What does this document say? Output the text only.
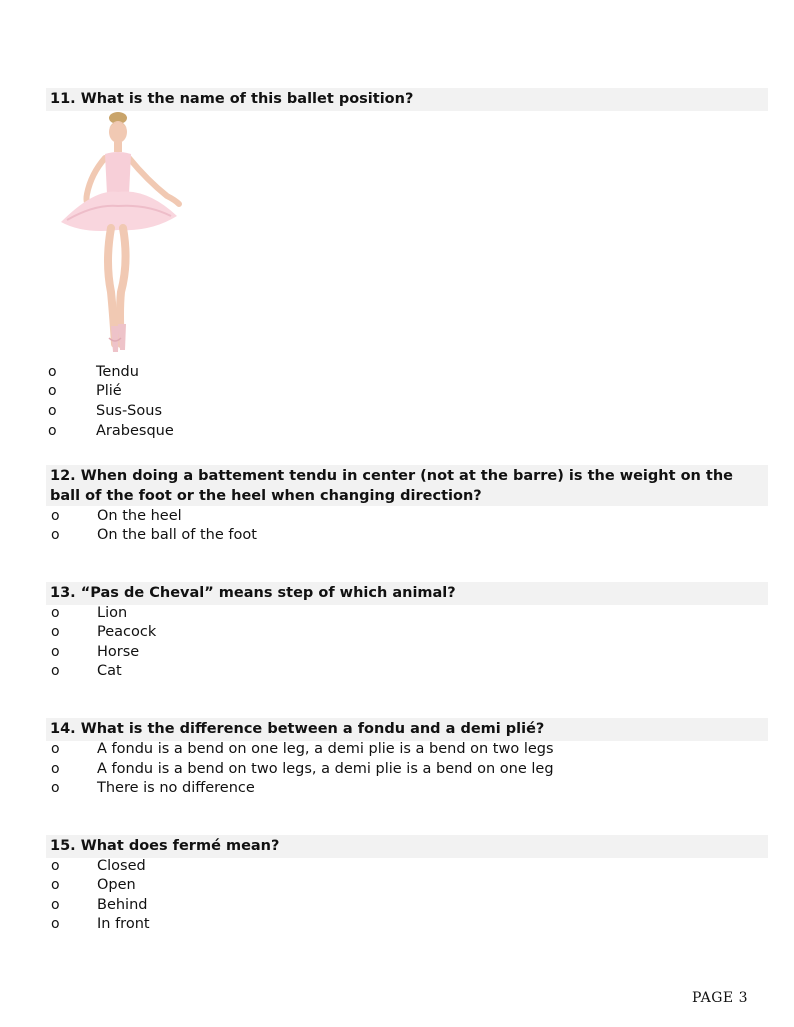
11. What is the name of this ballet position?
o	Tendu
o	Plié
o	Sus-Sous
o	Arabesque
12. When doing a battement tendu in center (not at the barre) is the weight on the ball of the foot or the heel when changing direction?
o	On the heel
o	On the ball of the foot
13. “Pas de Cheval” means step of which animal?
o	Lion
o	Peacock
o	Horse
o	Cat
14. What is the difference between a fondu and a demi plié?
o	A fondu is a bend on one leg, a demi plie is a bend on two legs
o	A fondu is a bend on two legs, a demi plie is a bend on one leg
o	There is no difference
15. What does fermé mean?
o	Closed
o	Open
o	Behind
o	In front
PAGE 3
